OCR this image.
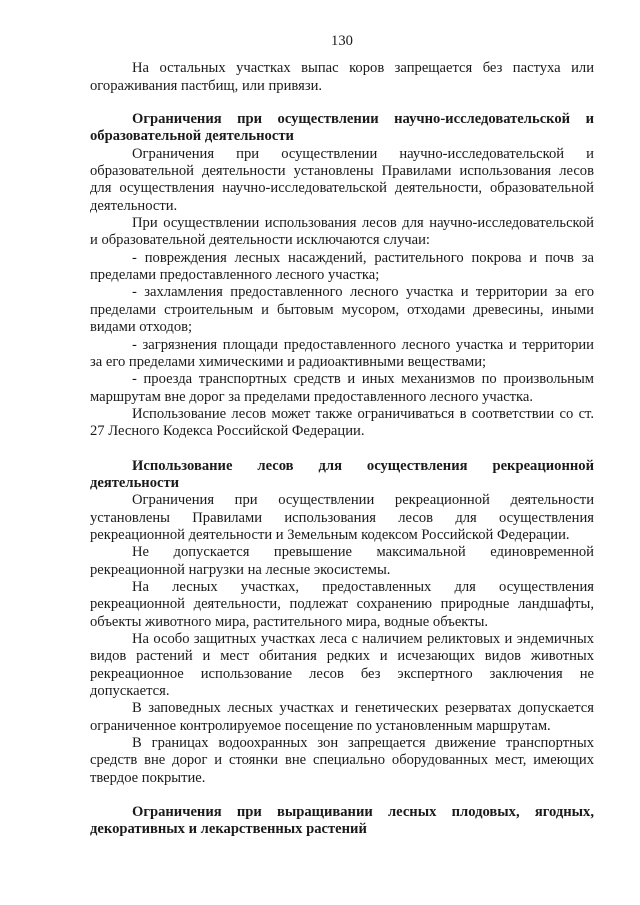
130

На остальных участках выпас коров запрещается без пастуха или огораживания пастбищ, или привязи.

Ограничения при осуществлении научно-исследовательской и образовательной деятельности

Ограничения при осуществлении научно-исследовательской и образовательной деятельности установлены Правилами использования лесов для осуществления научно-исследовательской деятельности, образовательной деятельности.

При осуществлении использования лесов для научно-исследовательской и образовательной деятельности исключаются случаи:

- повреждения лесных насаждений, растительного покрова и почв за пределами предоставленного лесного участка;

- захламления предоставленного лесного участка и территории за его пределами строительным и бытовым мусором, отходами древесины, иными видами отходов;

- загрязнения площади предоставленного лесного участка и территории за его пределами химическими и радиоактивными веществами;

- проезда транспортных средств и иных механизмов по произвольным маршрутам вне дорог за пределами предоставленного лесного участка.

Использование лесов может также ограничиваться в соответствии со ст. 27 Лесного Кодекса Российской Федерации.

Использование лесов для осуществления рекреационной деятельности

Ограничения при осуществлении рекреационной деятельности установлены Правилами использования лесов для осуществления рекреационной деятельности и Земельным кодексом Российской Федерации.

Не допускается превышение максимальной единовременной рекреационной нагрузки на лесные экосистемы.

На лесных участках, предоставленных для осуществления рекреационной деятельности, подлежат сохранению природные ландшафты, объекты животного мира, растительного мира, водные объекты.

На особо защитных участках леса с наличием реликтовых и эндемичных видов растений и мест обитания редких и исчезающих видов животных рекреационное использование лесов без экспертного заключения не допускается.

В заповедных лесных участках и генетических резерватах допускается ограниченное контролируемое посещение по установленным маршрутам.

В границах водоохранных зон запрещается движение транспортных средств вне дорог и стоянки вне специально оборудованных мест, имеющих твердое покрытие.

Ограничения при выращивании лесных плодовых, ягодных, декоративных и лекарственных растений
